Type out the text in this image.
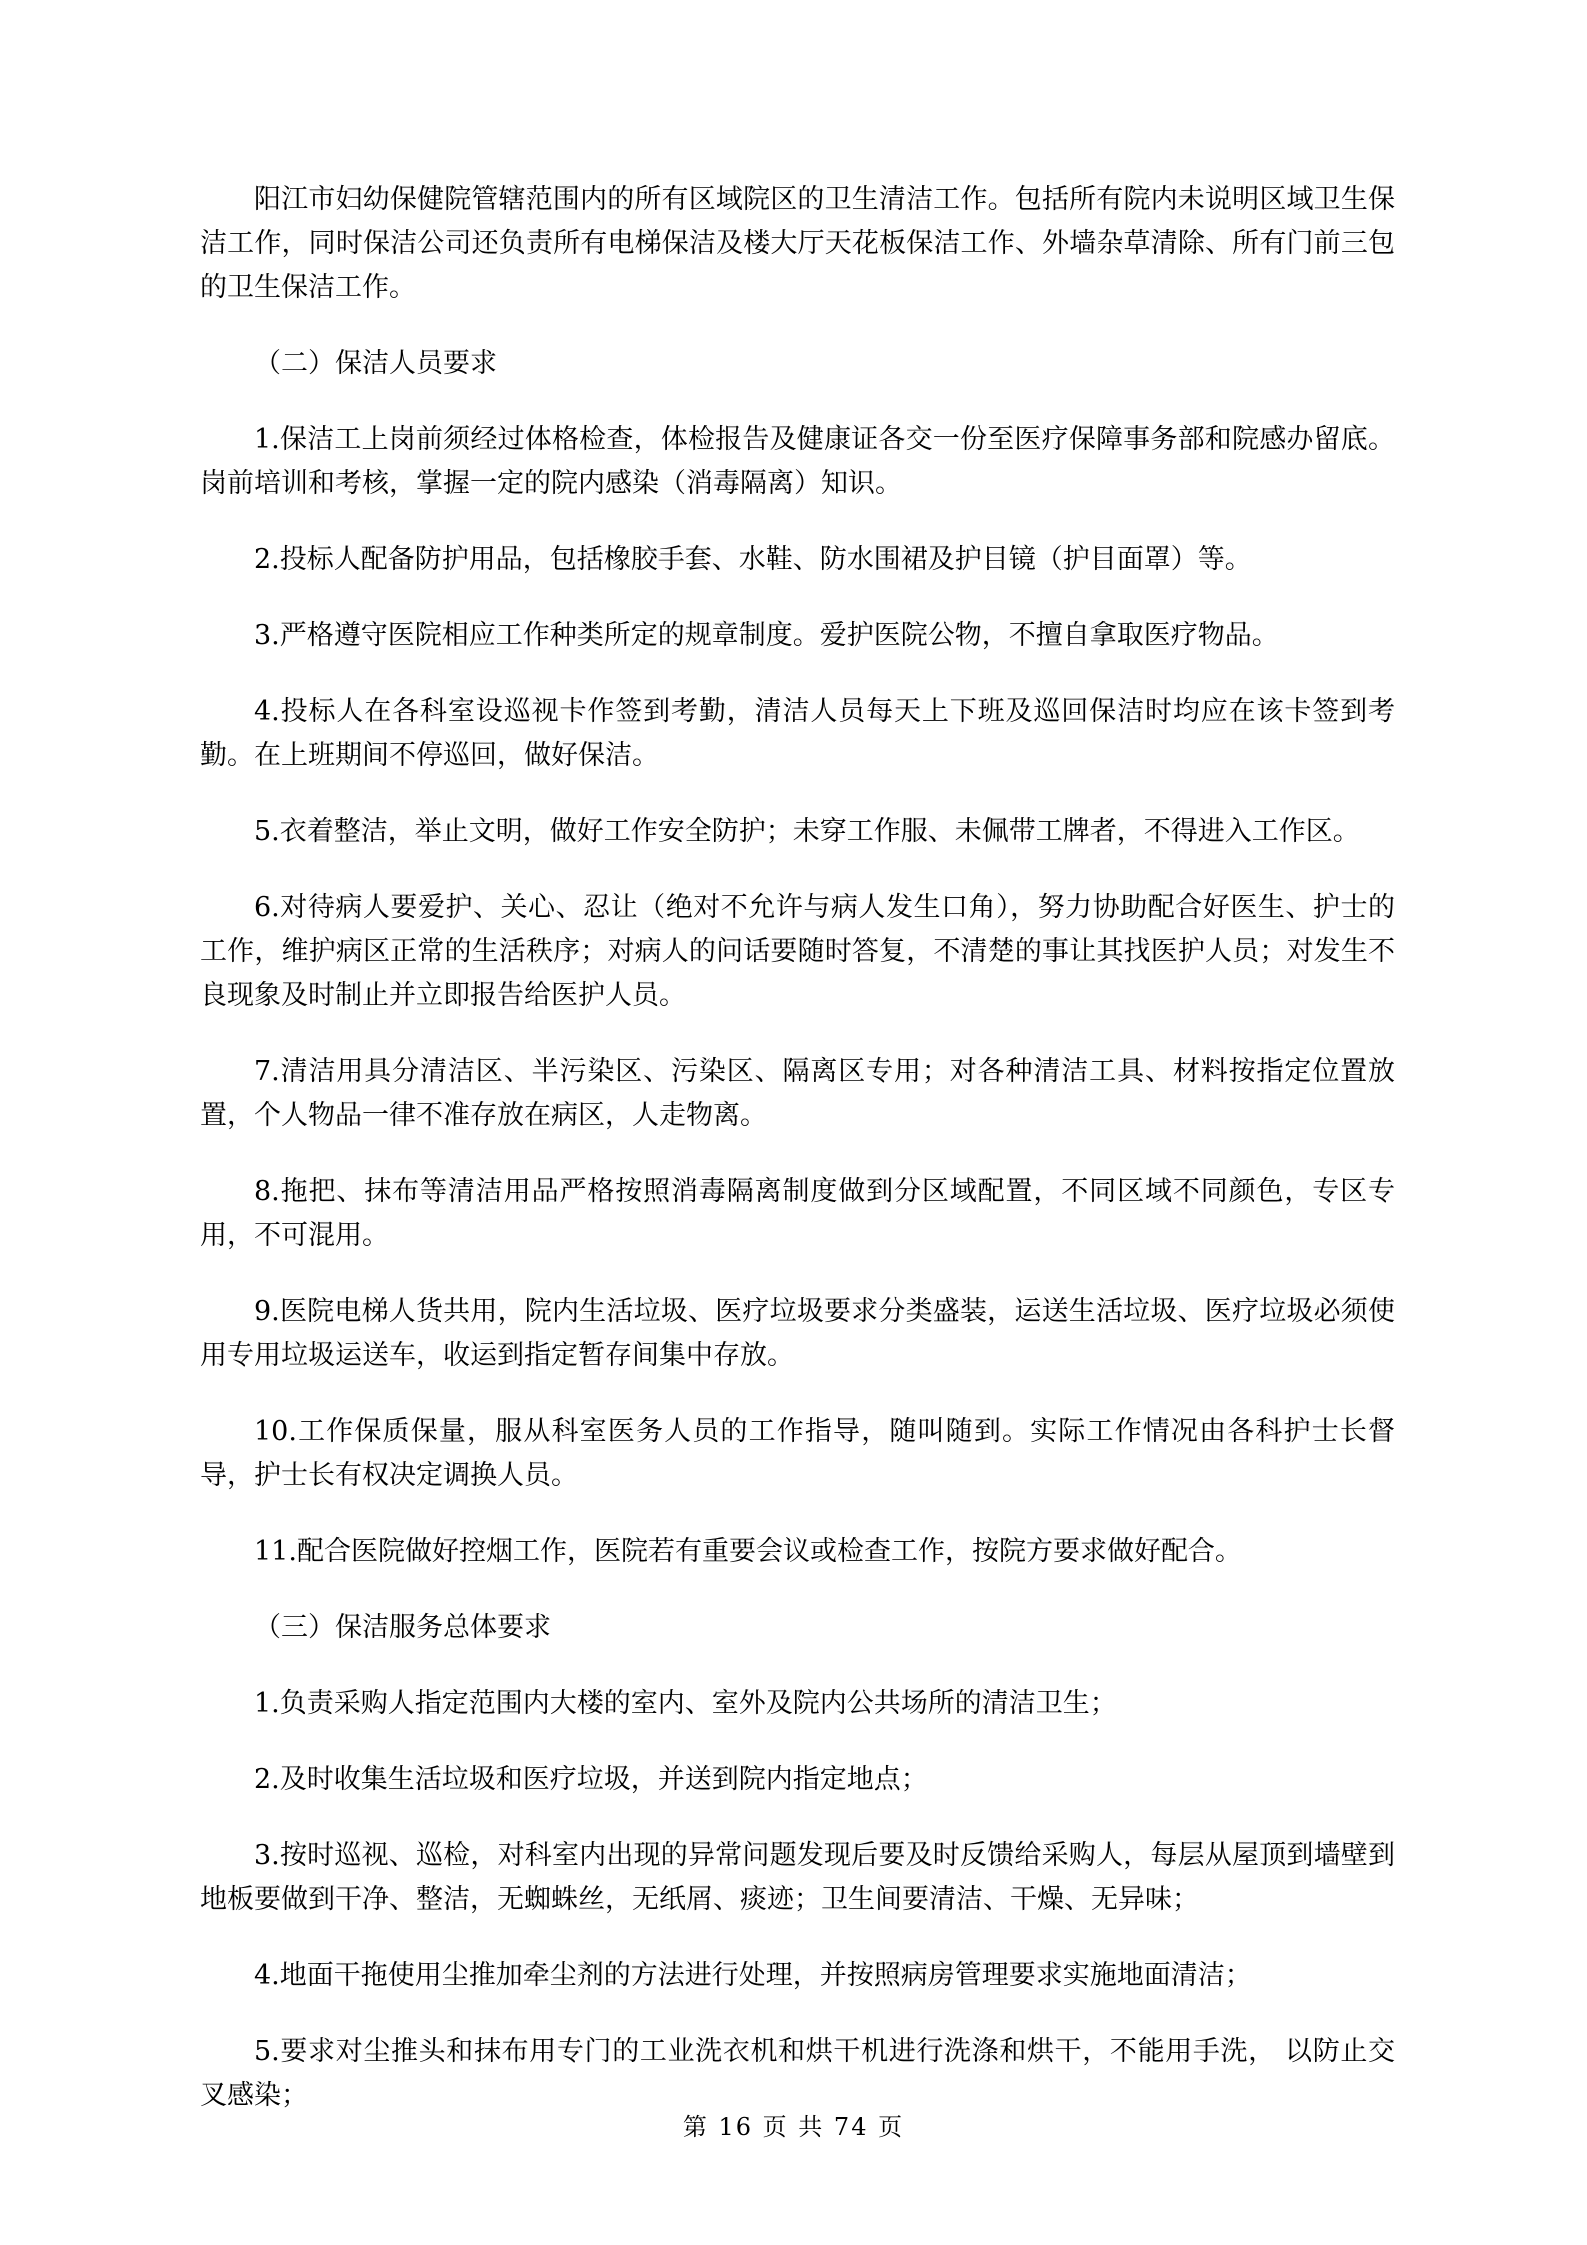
阳江市妇幼保健院管辖范围内的所有区域院区的卫生清洁工作。包括所有院内未说明区域卫生保洁工作，同时保洁公司还负责所有电梯保洁及楼大厅天花板保洁工作、外墙杂草清除、所有门前三包的卫生保洁工作。

（二）保洁人员要求

1.保洁工上岗前须经过体格检查，体检报告及健康证各交一份至医疗保障事务部和院感办留底。岗前培训和考核，掌握一定的院内感染（消毒隔离）知识。

2.投标人配备防护用品，包括橡胶手套、水鞋、防水围裙及护目镜（护目面罩）等。

3.严格遵守医院相应工作种类所定的规章制度。爱护医院公物，不擅自拿取医疗物品。

4.投标人在各科室设巡视卡作签到考勤，清洁人员每天上下班及巡回保洁时均应在该卡签到考勤。在上班期间不停巡回，做好保洁。

5.衣着整洁，举止文明，做好工作安全防护；未穿工作服、未佩带工牌者，不得进入工作区。

6.对待病人要爱护、关心、忍让（绝对不允许与病人发生口角），努力协助配合好医生、护士的工作，维护病区正常的生活秩序；对病人的问话要随时答复，不清楚的事让其找医护人员；对发生不良现象及时制止并立即报告给医护人员。

7.清洁用具分清洁区、半污染区、污染区、隔离区专用；对各种清洁工具、材料按指定位置放置，个人物品一律不准存放在病区，人走物离。

8.拖把、抹布等清洁用品严格按照消毒隔离制度做到分区域配置，不同区域不同颜色，专区专用，不可混用。

9.医院电梯人货共用，院内生活垃圾、医疗垃圾要求分类盛装，运送生活垃圾、医疗垃圾必须使用专用垃圾运送车，收运到指定暂存间集中存放。

10.工作保质保量，服从科室医务人员的工作指导，随叫随到。实际工作情况由各科护士长督导，护士长有权决定调换人员。

11.配合医院做好控烟工作，医院若有重要会议或检查工作，按院方要求做好配合。

（三）保洁服务总体要求

1.负责采购人指定范围内大楼的室内、室外及院内公共场所的清洁卫生；

2.及时收集生活垃圾和医疗垃圾，并送到院内指定地点；

3.按时巡视、巡检，对科室内出现的异常问题发现后要及时反馈给采购人，每层从屋顶到墙壁到地板要做到干净、整洁，无蜘蛛丝，无纸屑、痰迹；卫生间要清洁、干燥、无异味；

4.地面干拖使用尘推加牵尘剂的方法进行处理，并按照病房管理要求实施地面清洁；

5.要求对尘推头和抹布用专门的工业洗衣机和烘干机进行洗涤和烘干，不能用手洗， 以防止交叉感染；

第 16 页 共 74 页
